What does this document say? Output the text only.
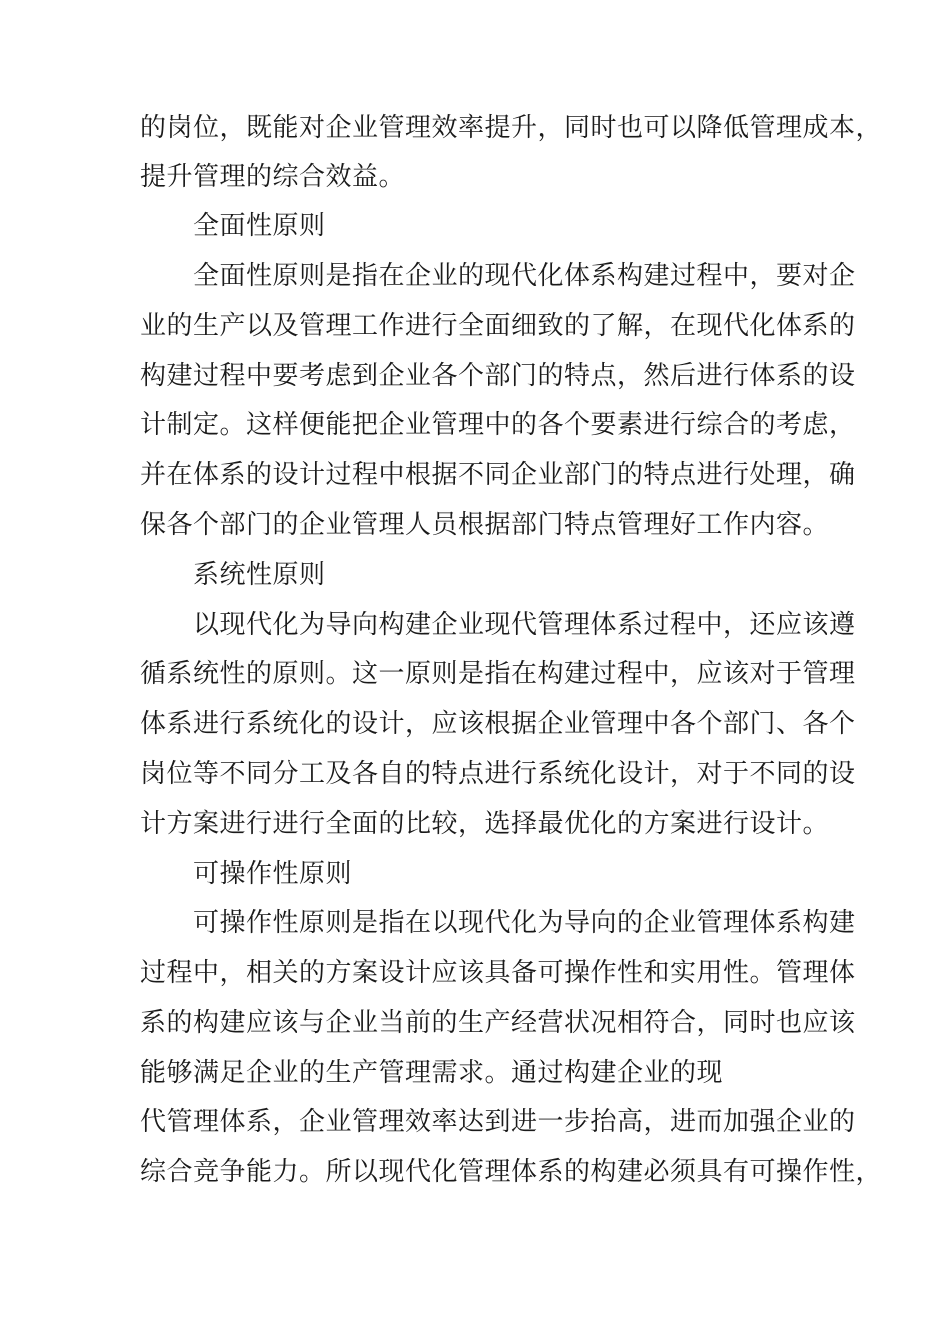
的岗位，既能对企业管理效率提升，同时也可以降低管理成本，

提升管理的综合效益。

全面性原则

全面性原则是指在企业的现代化体系构建过程中，要对企

业的生产以及管理工作进行全面细致的了解，在现代化体系的

构建过程中要考虑到企业各个部门的特点，然后进行体系的设

计制定。这样便能把企业管理中的各个要素进行综合的考虑，

并在体系的设计过程中根据不同企业部门的特点进行处理，确

保各个部门的企业管理人员根据部门特点管理好工作内容。

系统性原则

以现代化为导向构建企业现代管理体系过程中，还应该遵

循系统性的原则。这一原则是指在构建过程中，应该对于管理

体系进行系统化的设计，应该根据企业管理中各个部门、各个

岗位等不同分工及各自的特点进行系统化设计，对于不同的设

计方案进行进行全面的比较，选择最优化的方案进行设计。

可操作性原则

可操作性原则是指在以现代化为导向的企业管理体系构建

过程中，相关的方案设计应该具备可操作性和实用性。管理体

系的构建应该与企业当前的生产经营状况相符合，同时也应该

能够满足企业的生产管理需求。通过构建企业的现

代管理体系，企业管理效率达到进一步抬高，进而加强企业的

综合竞争能力。所以现代化管理体系的构建必须具有可操作性，
